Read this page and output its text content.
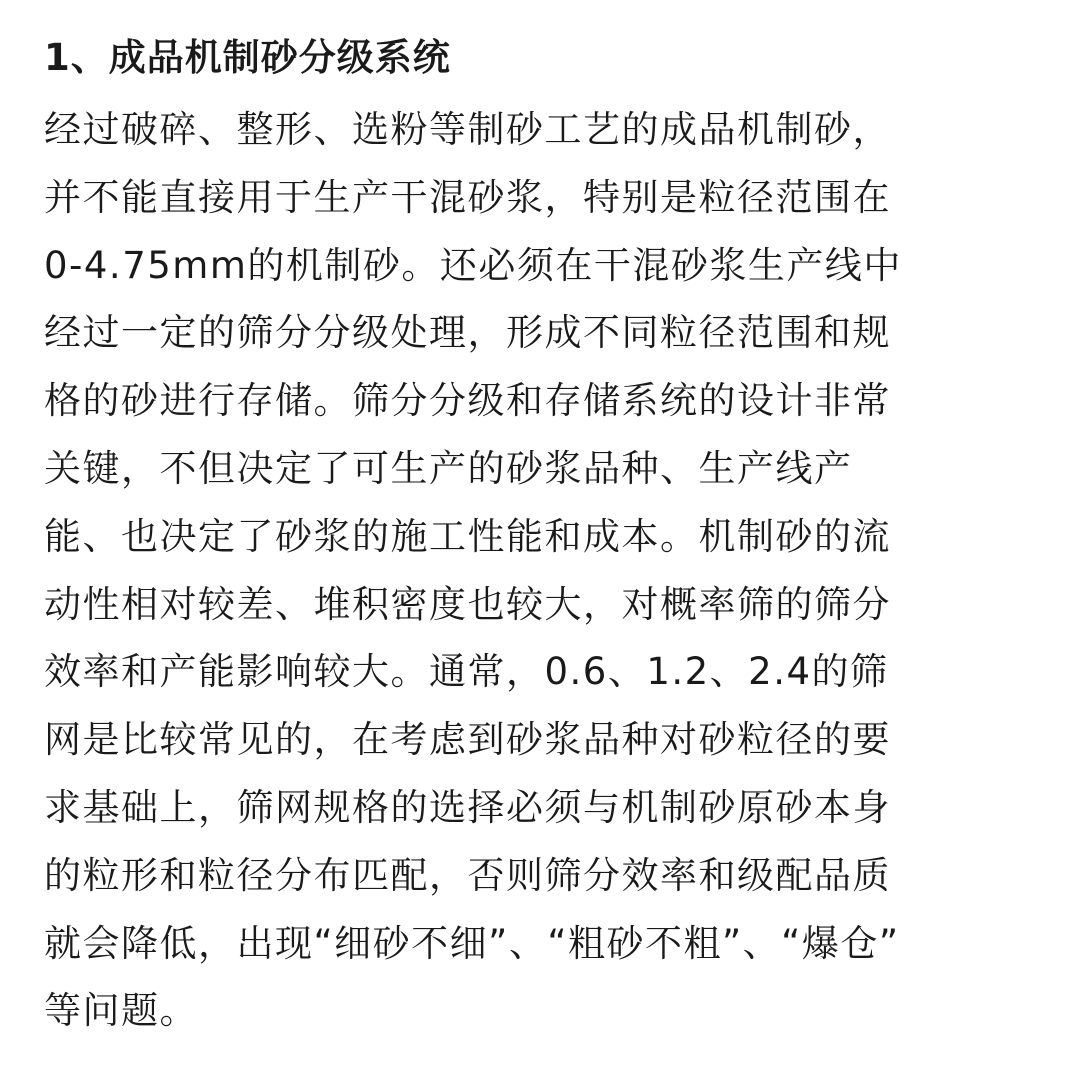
1、成品机制砂分级系统

经过破碎、整形、选粉等制砂工艺的成品机制砂，

并不能直接用于生产干混砂浆，特别是粒径范围在

0-4.75mm的机制砂。还必须在干混砂浆生产线中

经过一定的筛分分级处理，形成不同粒径范围和规

格的砂进行存储。筛分分级和存储系统的设计非常

关键，不但决定了可生产的砂浆品种、生产线产

能、也决定了砂浆的施工性能和成本。机制砂的流

动性相对较差、堆积密度也较大，对概率筛的筛分

效率和产能影响较大。通常，0.6、1.2、2.4的筛

网是比较常见的，在考虑到砂浆品种对砂粒径的要

求基础上，筛网规格的选择必须与机制砂原砂本身

的粒形和粒径分布匹配，否则筛分效率和级配品质

就会降低，出现“细砂不细”、“粗砂不粗”、“爆仓”

等问题。
